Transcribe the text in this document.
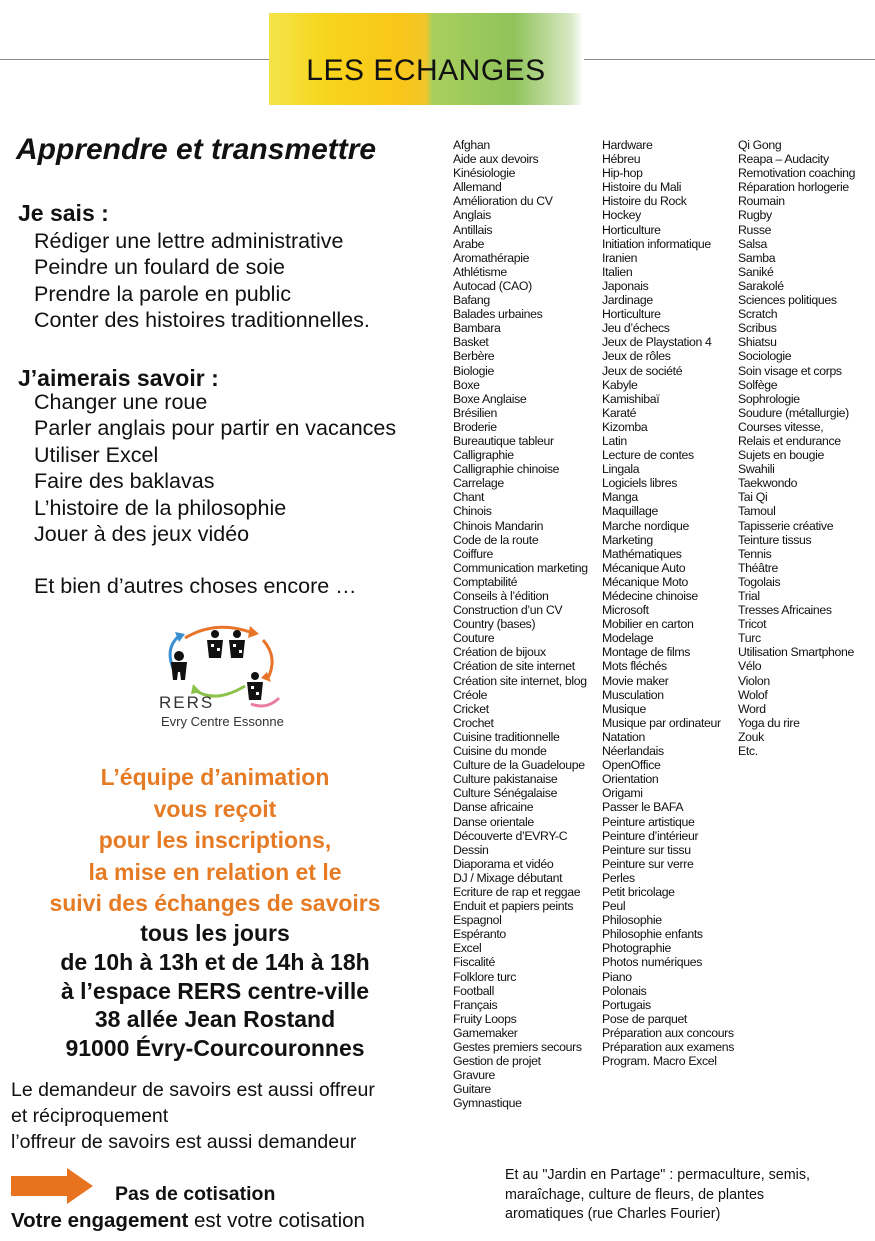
LES ECHANGES
Apprendre et transmettre
Je sais :
Rédiger une lettre administrative
Peindre un foulard de soie
Prendre la parole en public
Conter des histoires traditionnelles.
J’aimerais savoir :
Changer une roue
Parler anglais pour partir en vacances
Utiliser Excel
Faire des baklavas
L’histoire de la philosophie
Jouer à des jeux vidéo
Et bien d’autres choses encore …
RERS
Evry Centre Essonne
L’équipe d’animation
vous reçoit
pour les inscriptions,
la mise en relation et le
suivi des échanges de savoirs
tous les jours
de 10h à 13h et de 14h à 18h
à l’espace RERS centre-ville
38 allée Jean Rostand
91000 Évry-Courcouronnes
Le demandeur de savoirs est aussi offreur
et réciproquement
l’offreur de savoirs est aussi demandeur
Pas de cotisation
Votre engagement est votre cotisation
Afghan
Aide aux devoirs
Kinésiologie
Allemand
Amélioration du CV
Anglais
Antillais
Arabe
Aromathérapie
Athlétisme
Autocad (CAO)
Bafang
Balades urbaines
Bambara
Basket
Berbère
Biologie
Boxe
Boxe Anglaise
Brésilien
Broderie
Bureautique tableur
Calligraphie
Calligraphie chinoise
Carrelage
Chant
Chinois
Chinois Mandarin
Code de la route
Coiffure
Communication marketing
Comptabilité
Conseils à l’édition
Construction d’un CV
Country (bases)
Couture
Création de bijoux
Création de site internet
Création site internet, blog
Créole
Cricket
Crochet
Cuisine traditionnelle
Cuisine du monde
Culture de la Guadeloupe
Culture pakistanaise
Culture Sénégalaise
Danse africaine
Danse orientale
Découverte d’EVRY-C
Dessin
Diaporama et vidéo
DJ / Mixage débutant
Ecriture de rap et reggae
Enduit et papiers peints
Espagnol
Espéranto
Excel
Fiscalité
Folklore turc
Football
Français
Fruity Loops
Gamemaker
Gestes premiers secours
Gestion de projet
Gravure
Guitare
Gymnastique
Hardware
Hébreu
Hip-hop
Histoire du Mali
Histoire du Rock
Hockey
Horticulture
Initiation informatique
Iranien
Italien
Japonais
Jardinage
Horticulture
Jeu d’échecs
Jeux de Playstation 4
Jeux de rôles
Jeux de société
Kabyle
Kamishibaï
Karaté
Kizomba
Latin
Lecture de contes
Lingala
Logiciels libres
Manga
Maquillage
Marche nordique
Marketing
Mathématiques
Mécanique Auto
Mécanique Moto
Médecine chinoise
Microsoft
Mobilier en carton
Modelage
Montage de films
Mots fléchés
Movie maker
Musculation
Musique
Musique par ordinateur
Natation
Néerlandais
OpenOffice
Orientation
Origami
Passer le BAFA
Peinture artistique
Peinture d’intérieur
Peinture sur tissu
Peinture sur verre
Perles
Petit bricolage
Peul
Philosophie
Philosophie enfants
Photographie
Photos numériques
Piano
Polonais
Portugais
Pose de parquet
Préparation aux concours
Préparation aux examens
Program. Macro Excel
Qi Gong
Reapa – Audacity
Remotivation coaching
Réparation horlogerie
Roumain
Rugby
Russe
Salsa
Samba
Saniké
Sarakolé
Sciences politiques
Scratch
Scribus
Shiatsu
Sociologie
Soin visage et corps
Solfège
Sophrologie
Soudure (métallurgie)
Courses vitesse,
Relais et endurance
Sujets en bougie
Swahili
Taekwondo
Tai Qi
Tamoul
Tapisserie créative
Teinture tissus
Tennis
Théâtre
Togolais
Trial
Tresses Africaines
Tricot
Turc
Utilisation Smartphone
Vélo
Violon
Wolof
Word
Yoga du rire
Zouk
Etc.
Et au "Jardin en Partage" : permaculture, semis,
maraîchage, culture de fleurs, de plantes
aromatiques (rue Charles Fourier)
